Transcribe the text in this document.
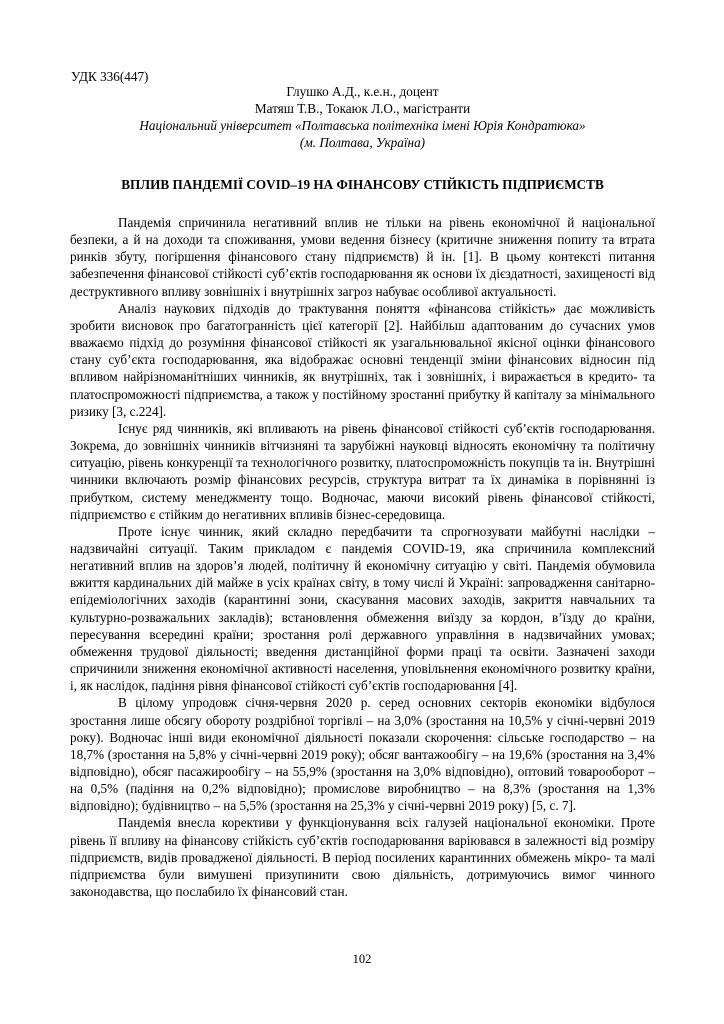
УДК 336(447)
Глушко А.Д., к.е.н., доцент
Матяш Т.В., Токаюк Л.О., магістранти
Національний університет «Полтавська політехніка імені Юрія Кондратюка»
(м. Полтава, Україна)
ВПЛИВ ПАНДЕМІЇ COVID–19 НА ФІНАНСОВУ СТІЙКІСТЬ ПІДПРИЄМСТВ

Пандемія спричинила негативний вплив не тільки на рівень економічної й національної безпеки, а й на доходи та споживання, умови ведення бізнесу (критичне зниження попиту та втрата ринків збуту, погіршення фінансового стану підприємств) й ін. [1]. В цьому контексті питання забезпечення фінансової стійкості суб’єктів господарювання як основи їх дієздатності, захищеності від деструктивного впливу зовнішніх і внутрішніх загроз набуває особливої актуальності.

Аналіз наукових підходів до трактування поняття «фінансова стійкість» дає можливість зробити висновок про багатогранність цієї категорії [2]. Найбільш адаптованим до сучасних умов вважаємо підхід до розуміння фінансової стійкості як узагальнювальної якісної оцінки фінансового стану суб’єкта господарювання, яка відображає основні тенденції зміни фінансових відносин під впливом найрізноманітніших чинників, як внутрішніх, так і зовнішніх, і виражається в кредито- та платоспроможності підприємства, а також у постійному зростанні прибутку й капіталу за мінімального ризику [3, с.224].

Існує ряд чинників, які впливають на рівень фінансової стійкості суб’єктів господарювання. Зокрема, до зовнішніх чинників вітчизняні та зарубіжні науковці відносять економічну та політичну ситуацію, рівень конкуренції та технологічного розвитку, платоспроможність покупців та ін. Внутрішні чинники включають розмір фінансових ресурсів, структура витрат та їх динаміка в порівнянні із прибутком, систему менеджменту тощо. Водночас, маючи високий рівень фінансової стійкості, підприємство є стійким до негативних впливів бізнес-середовища.

Проте існує чинник, який складно передбачити та спрогнозувати майбутні наслідки – надзвичайні ситуації. Таким прикладом є пандемія COVID-19, яка спричинила комплексний негативний вплив на здоров’я людей, політичну й економічну ситуацію у світі. Пандемія обумовила вжиття кардинальних дій майже в усіх країнах світу, в тому числі й Україні: запровадження санітарно-епідеміологічних заходів (карантинні зони, скасування масових заходів, закриття навчальних та культурно-розважальних закладів); встановлення обмеження виїзду за кордон, в’їзду до країни, пересування всередині країни; зростання ролі державного управління в надзвичайних умовах; обмеження трудової діяльності; введення дистанційної форми праці та освіти. Зазначені заходи спричинили зниження економічної активності населення, уповільнення економічного розвитку країни, і, як наслідок, падіння рівня фінансової стійкості суб’єктів господарювання [4].

В цілому упродовж січня-червня 2020 р. серед основних секторів економіки відбулося зростання лише обсягу обороту роздрібної торгівлі – на 3,0% (зростання на 10,5% у січні-червні 2019 року). Водночас інші види економічної діяльності показали скорочення: сільське господарство – на 18,7% (зростання на 5,8% у січні-червні 2019 року); обсяг вантажообігу – на 19,6% (зростання на 3,4% відповідно), обсяг пасажирообігу – на 55,9% (зростання на 3,0% відповідно), оптовий товарооборот – на 0,5% (падіння на 0,2% відповідно); промислове виробництво – на 8,3% (зростання на 1,3% відповідно); будівництво – на 5,5% (зростання на 25,3% у січні-червні 2019 року) [5, с. 7].

Пандемія внесла корективи у функціонування всіх галузей національної економіки. Проте рівень її впливу на фінансову стійкість суб’єктів господарювання варіювався в залежності від розміру підприємств, видів провадженої діяльності. В період посилених карантинних обмежень мікро- та малі підприємства були вимушені призупинити свою діяльність, дотримуючись вимог чинного законодавства, що послабило їх фінансовий стан.

102
